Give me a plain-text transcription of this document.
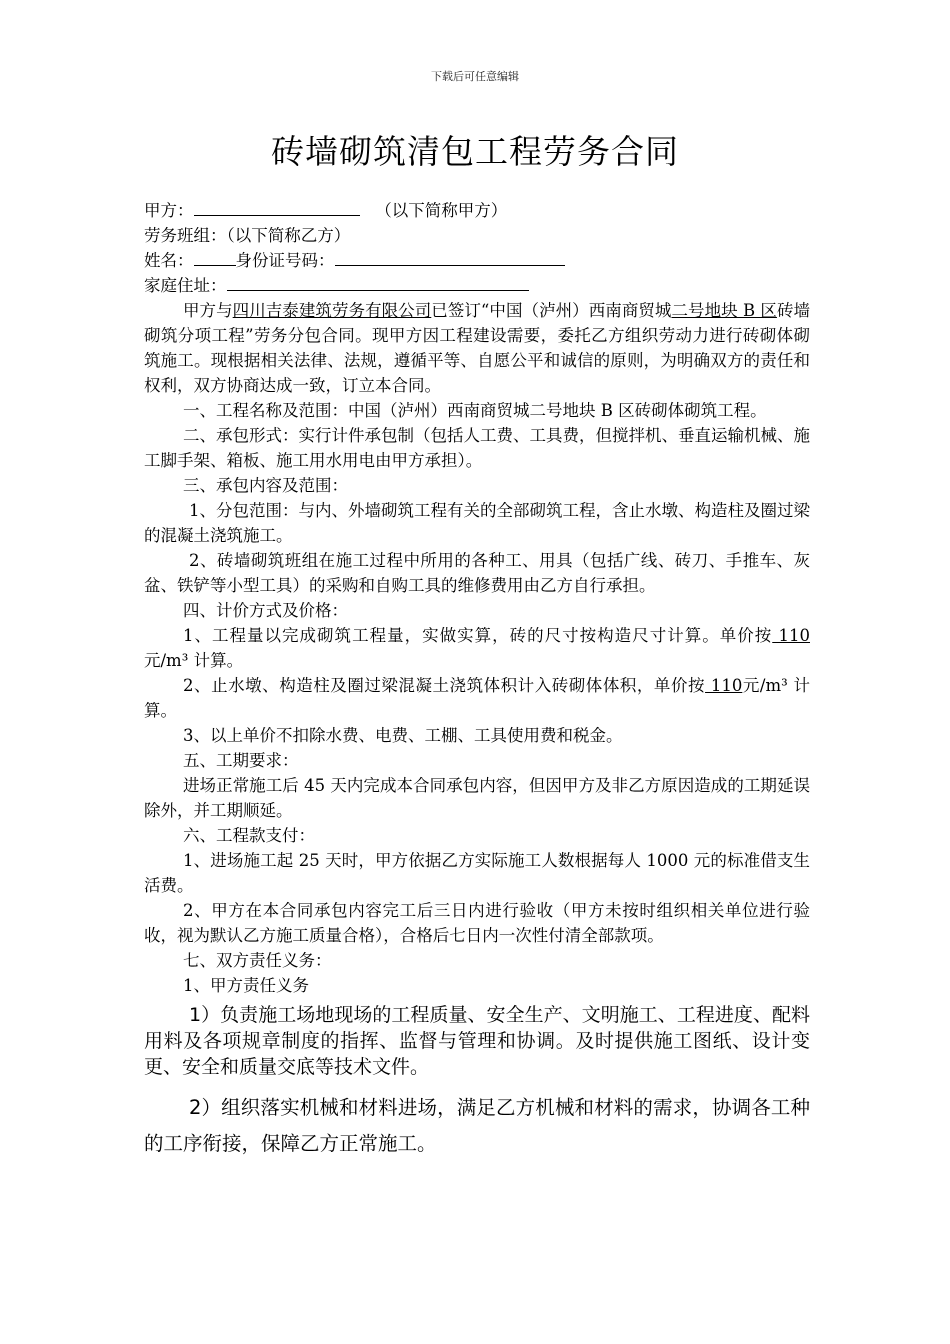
下载后可任意编辑
砖墙砌筑清包工程劳务合同

甲方：	（以下简称甲方）

劳务班组：（以下简称乙方）

姓名：	身份证号码：

家庭住址：

甲方与四川吉泰建筑劳务有限公司已签订“中国（泸州）西南商贸城二号地块 B 区砖墙砌筑分项工程”劳务分包合同。现甲方因工程建设需要，委托乙方组织劳动力进行砖砌体砌筑施工。现根据相关法律、法规，遵循平等、自愿公平和诚信的原则，为明确双方的责任和权利，双方协商达成一致，订立本合同。

一、工程名称及范围：中国（泸州）西南商贸城二号地块 B 区砖砌体砌筑工程。

二、承包形式：实行计件承包制（包括人工费、工具费，但搅拌机、垂直运输机械、施工脚手架、箱板、施工用水用电由甲方承担）。

三、承包内容及范围：

1、分包范围：与内、外墙砌筑工程有关的全部砌筑工程，含止水墩、构造柱及圈过梁的混凝土浇筑施工。

2、砖墙砌筑班组在施工过程中所用的各种工、用具（包括广线、砖刀、手推车、灰盆、铁铲等小型工具）的采购和自购工具的维修费用由乙方自行承担。

四、计价方式及价格：

1、工程量以完成砌筑工程量，实做实算，砖的尺寸按构造尺寸计算。单价按 110 元/m³ 计算。

2、止水墩、构造柱及圈过梁混凝土浇筑体积计入砖砌体体积，单价按 110元/m³ 计算。

3、以上单价不扣除水费、电费、工棚、工具使用费和税金。

五、工期要求：

进场正常施工后 45 天内完成本合同承包内容，但因甲方及非乙方原因造成的工期延误除外，并工期顺延。

六、工程款支付：

1、进场施工起 25 天时，甲方依据乙方实际施工人数根据每人 1000 元的标准借支生活费。

2、甲方在本合同承包内容完工后三日内进行验收（甲方未按时组织相关单位进行验收，视为默认乙方施工质量合格），合格后七日内一次性付清全部款项。

七、双方责任义务：

1、甲方责任义务

1）负责施工场地现场的工程质量、安全生产、文明施工、工程进度、配料用料及各项规章制度的指挥、监督与管理和协调。及时提供施工图纸、设计变更、安全和质量交底等技术文件。

2）组织落实机械和材料进场，满足乙方机械和材料的需求，协调各工种的工序衔接，保障乙方正常施工。
